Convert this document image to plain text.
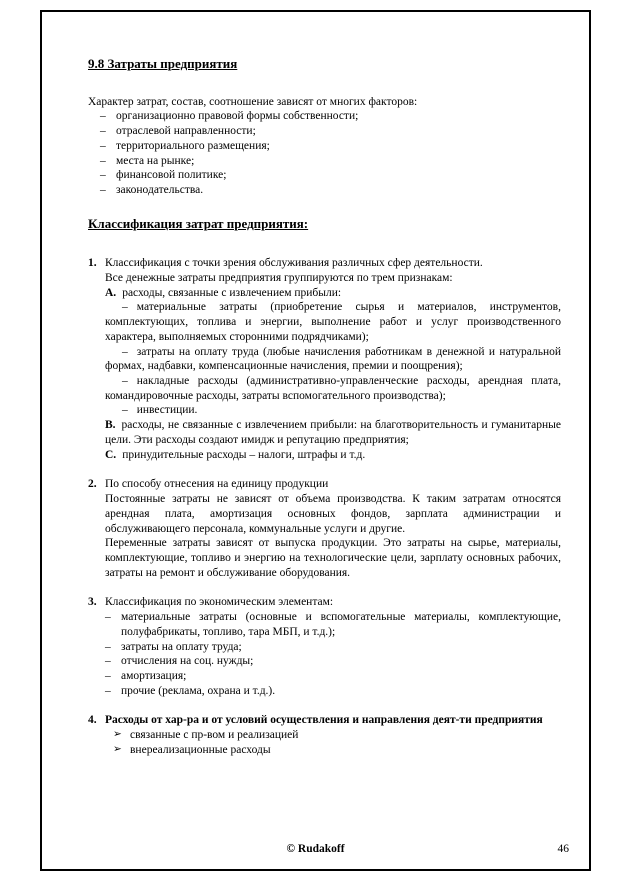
9.8 Затраты предприятия

Характер затрат, состав, соотношение зависят от многих факторов:

– организационно правовой формы собственности;
– отраслевой направленности;
– территориального размещения;
– места на рынке;
– финансовой политике;
– законодательства.
Классификация затрат предприятия:
1. Классификация с точки зрения обслуживания различных сфер деятельности.

Все денежные затраты предприятия группируются по трем признакам:

A. расходы, связанные с извлечением прибыли:

– материальные затраты (приобретение сырья и материалов, инструментов, комплектующих, топлива и энергии, выполнение работ и услуг производственного характера, выполняемых сторонними подрядчиками);

– затраты на оплату труда (любые начисления работникам в денежной и натуральной формах, надбавки, компенсационные начисления, премии и поощрения);

– накладные расходы (административно-управленческие расходы, арендная плата, командировочные расходы, затраты вспомогательного производства);

– инвестиции.

B. расходы, не связанные с извлечением прибыли: на благотворительность и гуманитарные цели. Эти расходы создают имидж и репутацию предприятия;

C. принудительные расходы – налоги, штрафы и т.д.

2. По способу отнесения на единицу продукции

Постоянные затраты не зависят от объема производства. К таким затратам относятся арендная плата, амортизация основных фондов, зарплата администрации и обслуживающего персонала, коммунальные услуги и другие.

Переменные затраты зависят от выпуска продукции. Это затраты на сырье, материалы, комплектующие, топливо и энергию на технологические цели, зарплату основных рабочих, затраты на ремонт и обслуживание оборудования.

3. Классификация по экономическим элементам:

– материальные затраты (основные и вспомогательные материалы, комплектующие, полуфабрикаты, топливо, тара МБП, и т.д.);
– затраты на оплату труда;
– отчисления на соц. нужды;
– амортизация;
– прочие (реклама, охрана и т.д.).
4. Расходы от хар-ра и от условий осуществления и направления деят-ти предприятия

➢ связанные с пр-вом и реализацией
➢ внереализационные расходы
© Rudakoff	46
